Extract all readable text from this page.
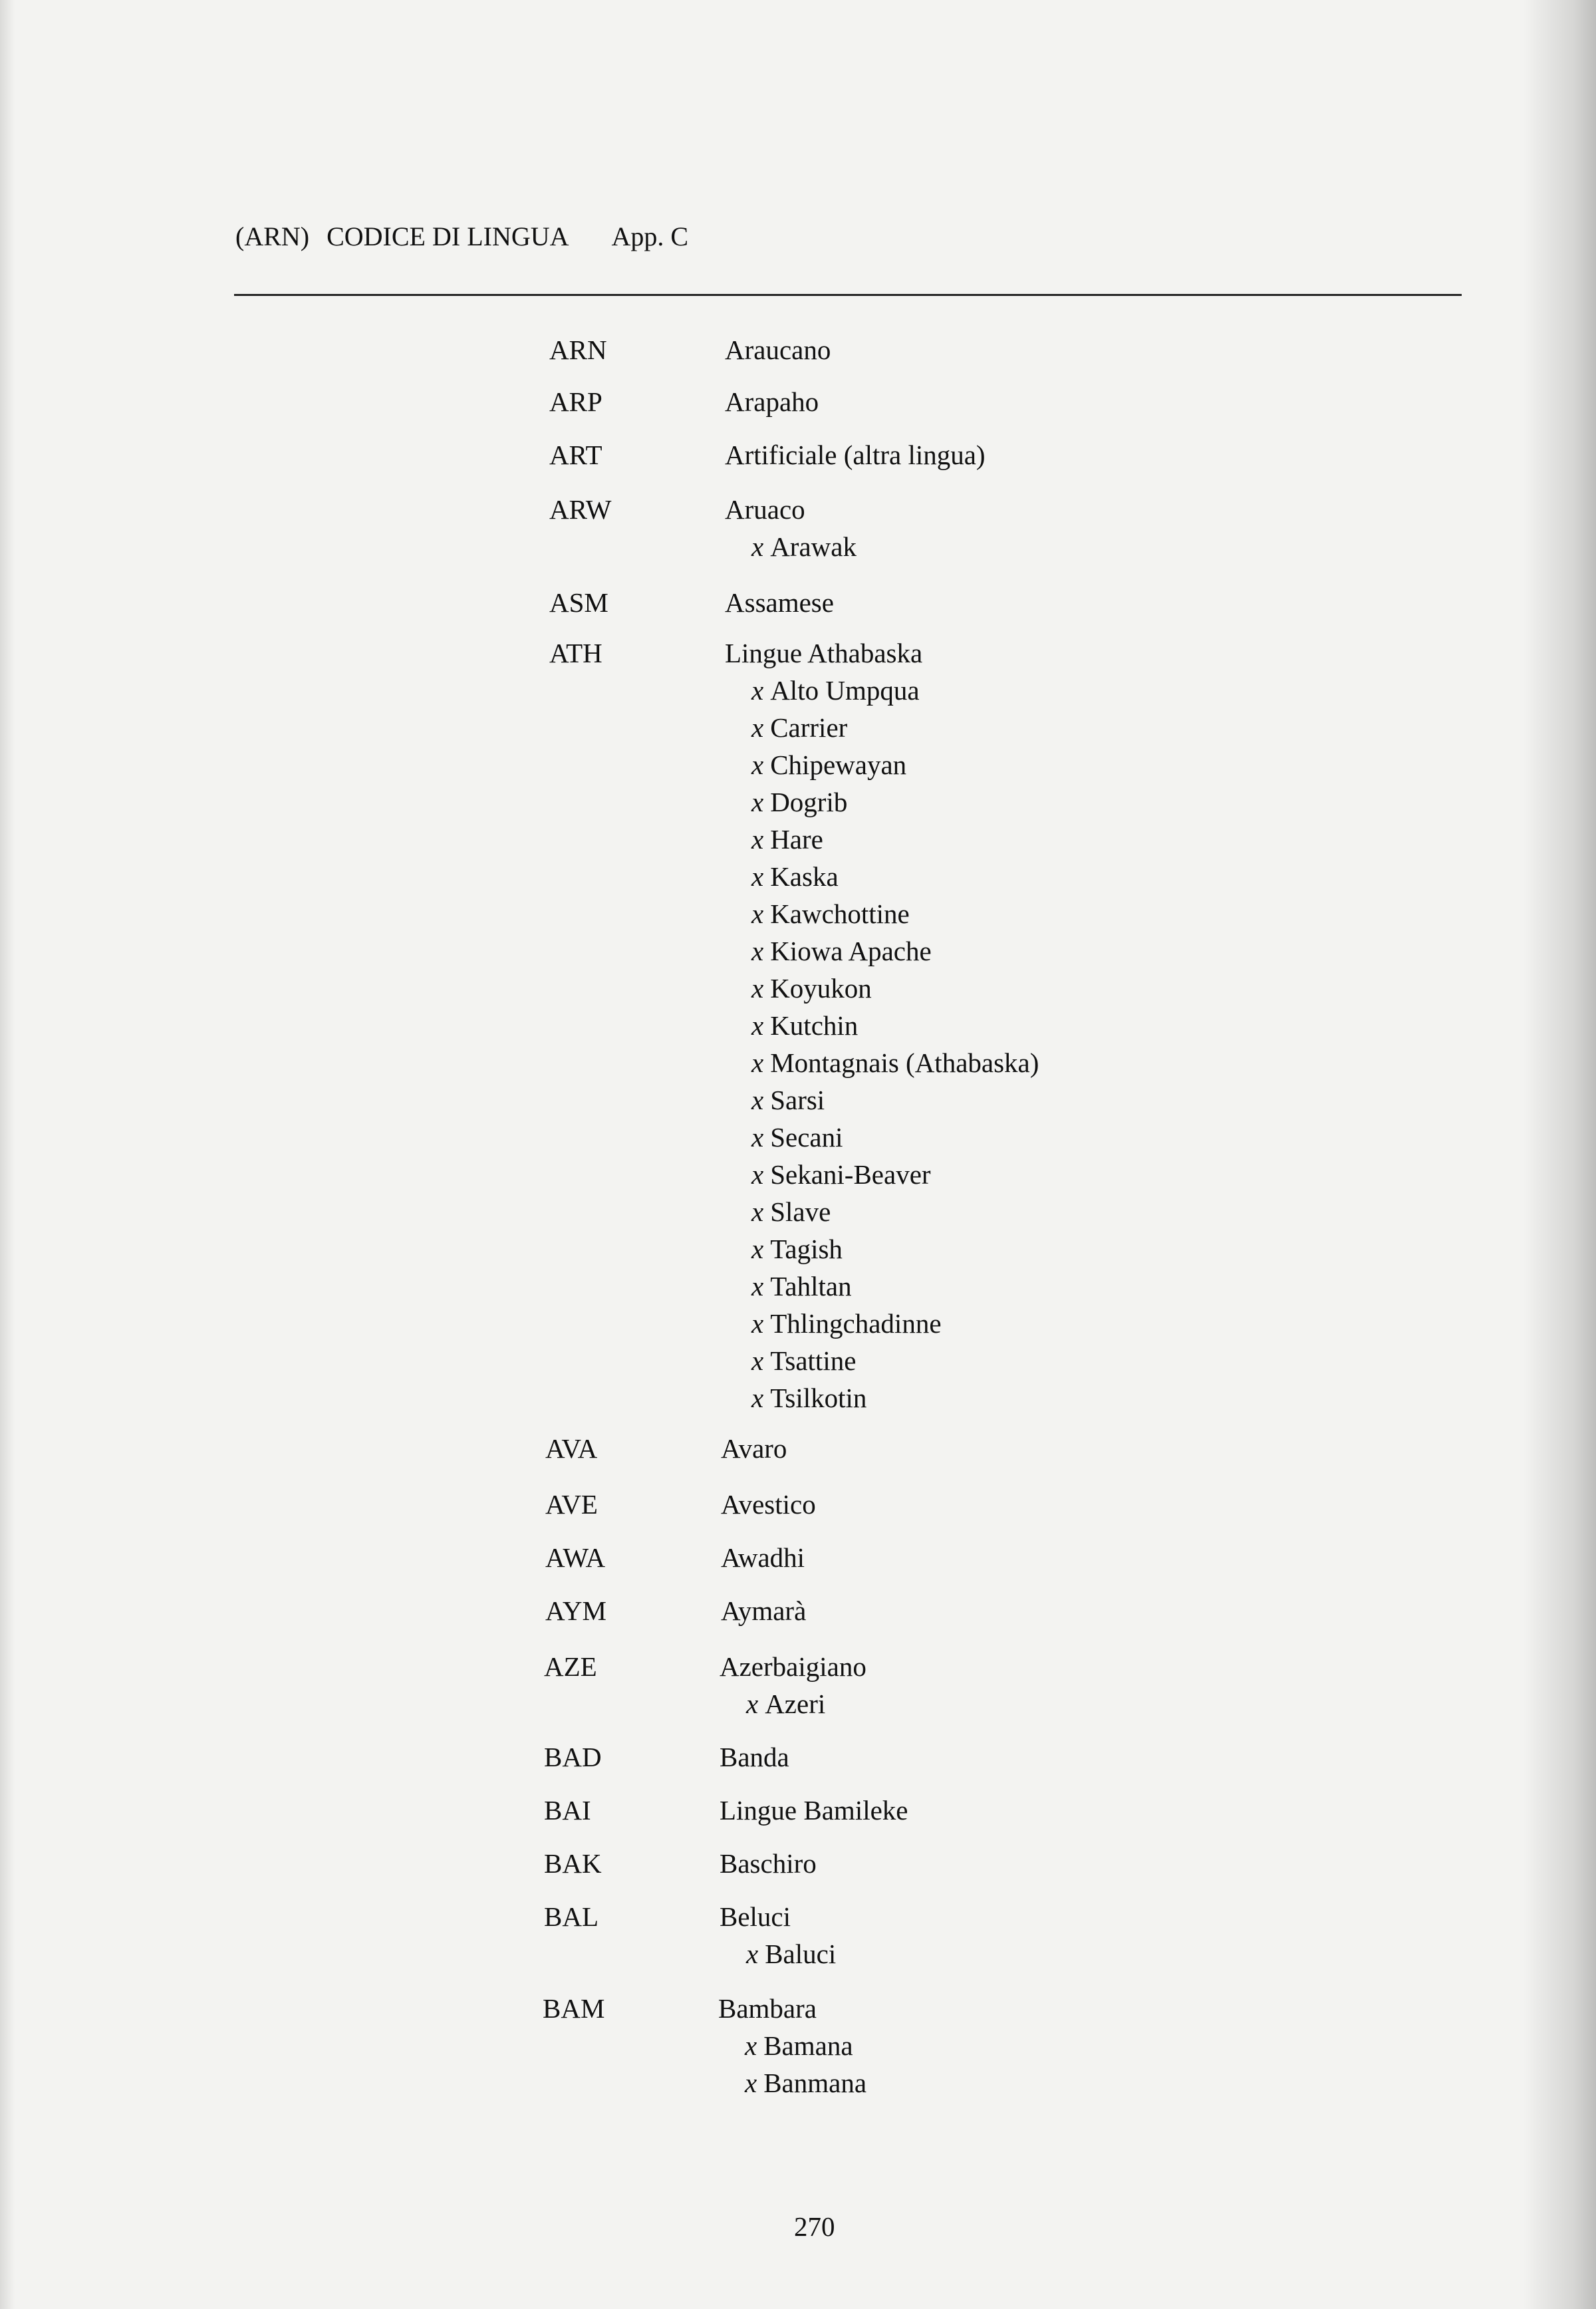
(ARN) CODICE DI LINGUA App. C
ARN	Araucano
ARP	Arapaho
ART	Artificiale (altra lingua)
ARW	Aruaco
x Arawak
ASM	Assamese
ATH	Lingue Athabaska
x Alto Umpqua
x Carrier
x Chipewayan
x Dogrib
x Hare
x Kaska
x Kawchottine
x Kiowa Apache
x Koyukon
x Kutchin
x Montagnais (Athabaska)
x Sarsi
x Secani
x Sekani-Beaver
x Slave
x Tagish
x Tahltan
x Thlingchadinne
x Tsattine
x Tsilkotin
AVA	Avaro
AVE	Avestico
AWA	Awadhi
AYM	Aymarà
AZE	Azerbaigiano
x Azeri
BAD	Banda
BAI	Lingue Bamileke
BAK	Baschiro
BAL	Beluci
x Baluci
BAM	Bambara
x Bamana
x Banmana
270
